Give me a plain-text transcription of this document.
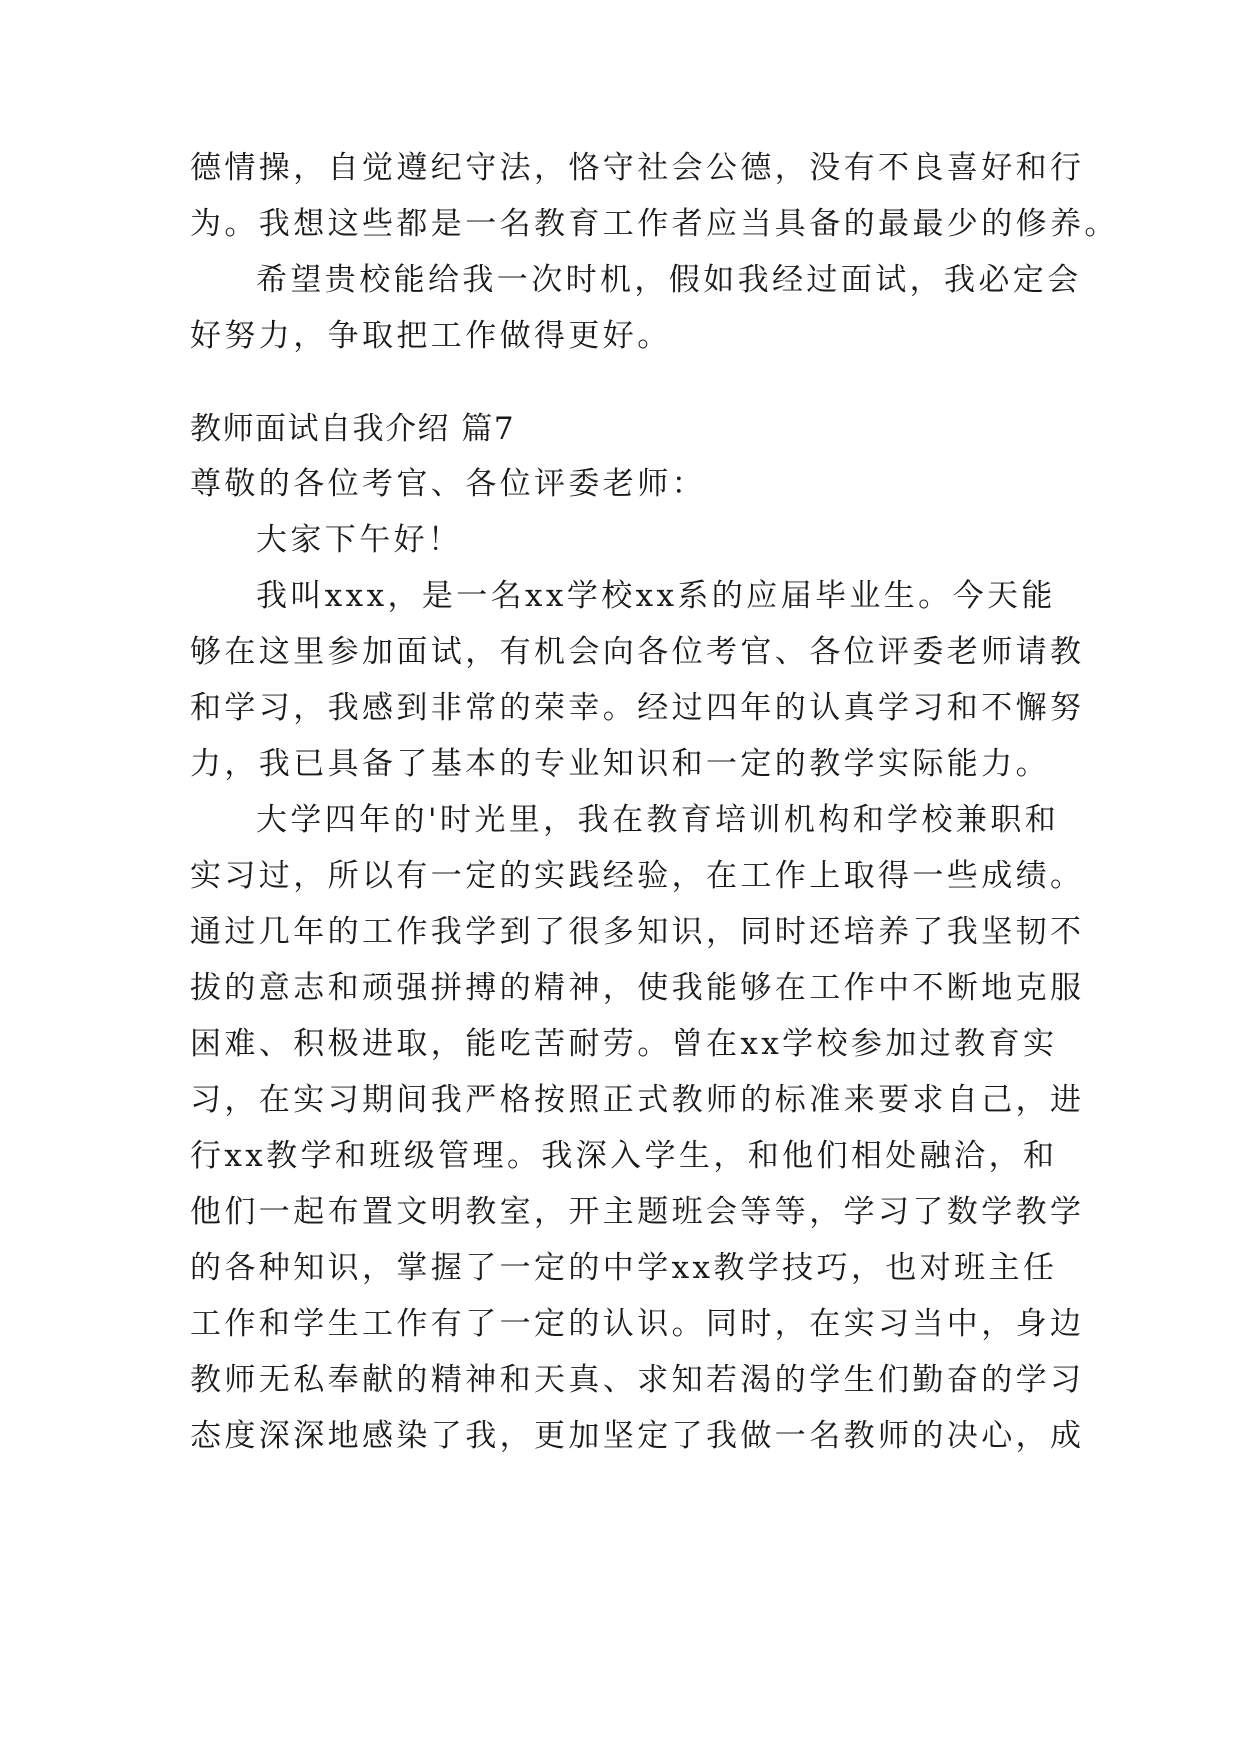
德情操，自觉遵纪守法，恪守社会公德，没有不良喜好和行
为。我想这些都是一名教育工作者应当具备的最最少的修养。
希望贵校能给我一次时机，假如我经过面试，我必定会
好努力，争取把工作做得更好。
教师面试自我介绍 篇7
尊敬的各位考官、各位评委老师：
大家下午好！
我叫xxx，是一名xx学校xx系的应届毕业生。今天能
够在这里参加面试，有机会向各位考官、各位评委老师请教
和学习，我感到非常的荣幸。经过四年的认真学习和不懈努
力，我已具备了基本的专业知识和一定的教学实际能力。
大学四年的'时光里，我在教育培训机构和学校兼职和
实习过，所以有一定的实践经验，在工作上取得一些成绩。
通过几年的工作我学到了很多知识，同时还培养了我坚韧不
拔的意志和顽强拼搏的精神，使我能够在工作中不断地克服
困难、积极进取，能吃苦耐劳。曾在xx学校参加过教育实
习，在实习期间我严格按照正式教师的标准来要求自己，进
行xx教学和班级管理。我深入学生，和他们相处融洽，和
他们一起布置文明教室，开主题班会等等，学习了数学教学
的各种知识，掌握了一定的中学xx教学技巧，也对班主任
工作和学生工作有了一定的认识。同时，在实习当中，身边
教师无私奉献的精神和天真、求知若渴的学生们勤奋的学习
态度深深地感染了我，更加坚定了我做一名教师的决心，成
